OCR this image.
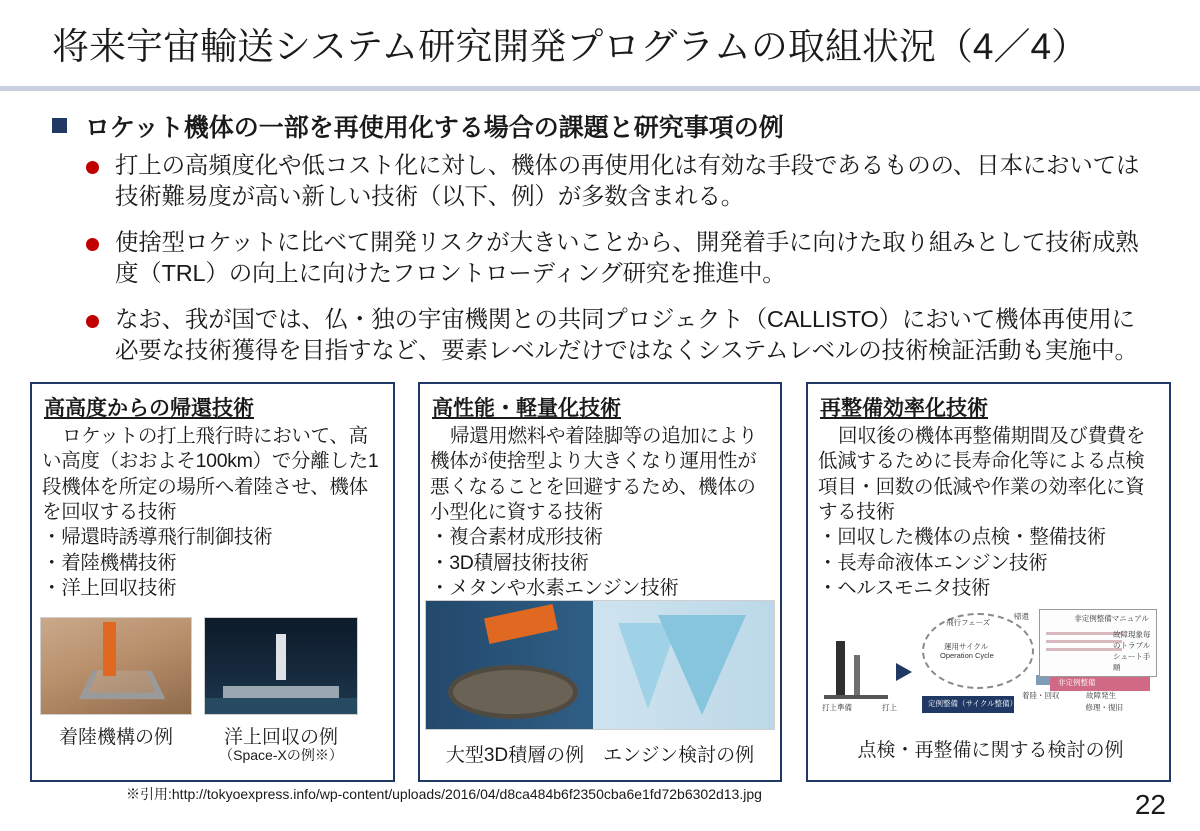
将来宇宙輸送システム研究開発プログラムの取組状況（4／4）
ロケット機体の一部を再使用化する場合の課題と研究事項の例
打上の高頻度化や低コスト化に対し、機体の再使用化は有効な手段であるものの、日本においては技術難易度が高い新しい技術（以下、例）が多数含まれる。
使捨型ロケットに比べて開発リスクが大きいことから、開発着手に向けた取り組みとして技術成熟度（TRL）の向上に向けたフロントローディング研究を推進中。
なお、我が国では、仏・独の宇宙機関との共同プロジェクト（CALLISTO）において機体再使用に必要な技術獲得を目指すなど、要素レベルだけではなくシステムレベルの技術検証活動も実施中。
高高度からの帰還技術
ロケットの打上飛行時において、高い高度（おおよそ100km）で分離した1段機体を所定の場所へ着陸させ、機体を回収する技術
・帰還時誘導飛行制御技術
・着陸機構技術
・洋上回収技術
着陸機構の例	洋上回収の例
（Space-Xの例※）
高性能・軽量化技術
帰還用燃料や着陸脚等の追加により機体が使捨型より大きくなり運用性が悪くなることを回避するため、機体の小型化に資する技術
・複合素材成形技術
・3D積層技術技術
・メタンや水素エンジン技術
大型3D積層の例　エンジン検討の例
再整備効率化技術
回収後の機体再整備期間及び費費を低減するために長寿命化等による点検項目・回数の低減や作業の効率化に資する技術
・回収した機体の点検・整備技術
・長寿命液体エンジン技術
・ヘルスモニタ技術
飛行フェーズ
帰還
運用サイクル
Operation Cycle
打上準備	打上
着陸・回収	故障発生
定例整備（サイクル整備）
非定例整備
非定例整備マニュアル
故障現象毎のトラブルシュート手順
修理・復旧
点検・再整備に関する検討の例
※引用:http://tokyoexpress.info/wp-content/uploads/2016/04/d8ca484b6f2350cba6e1fd72b6302d13.jpg	22
